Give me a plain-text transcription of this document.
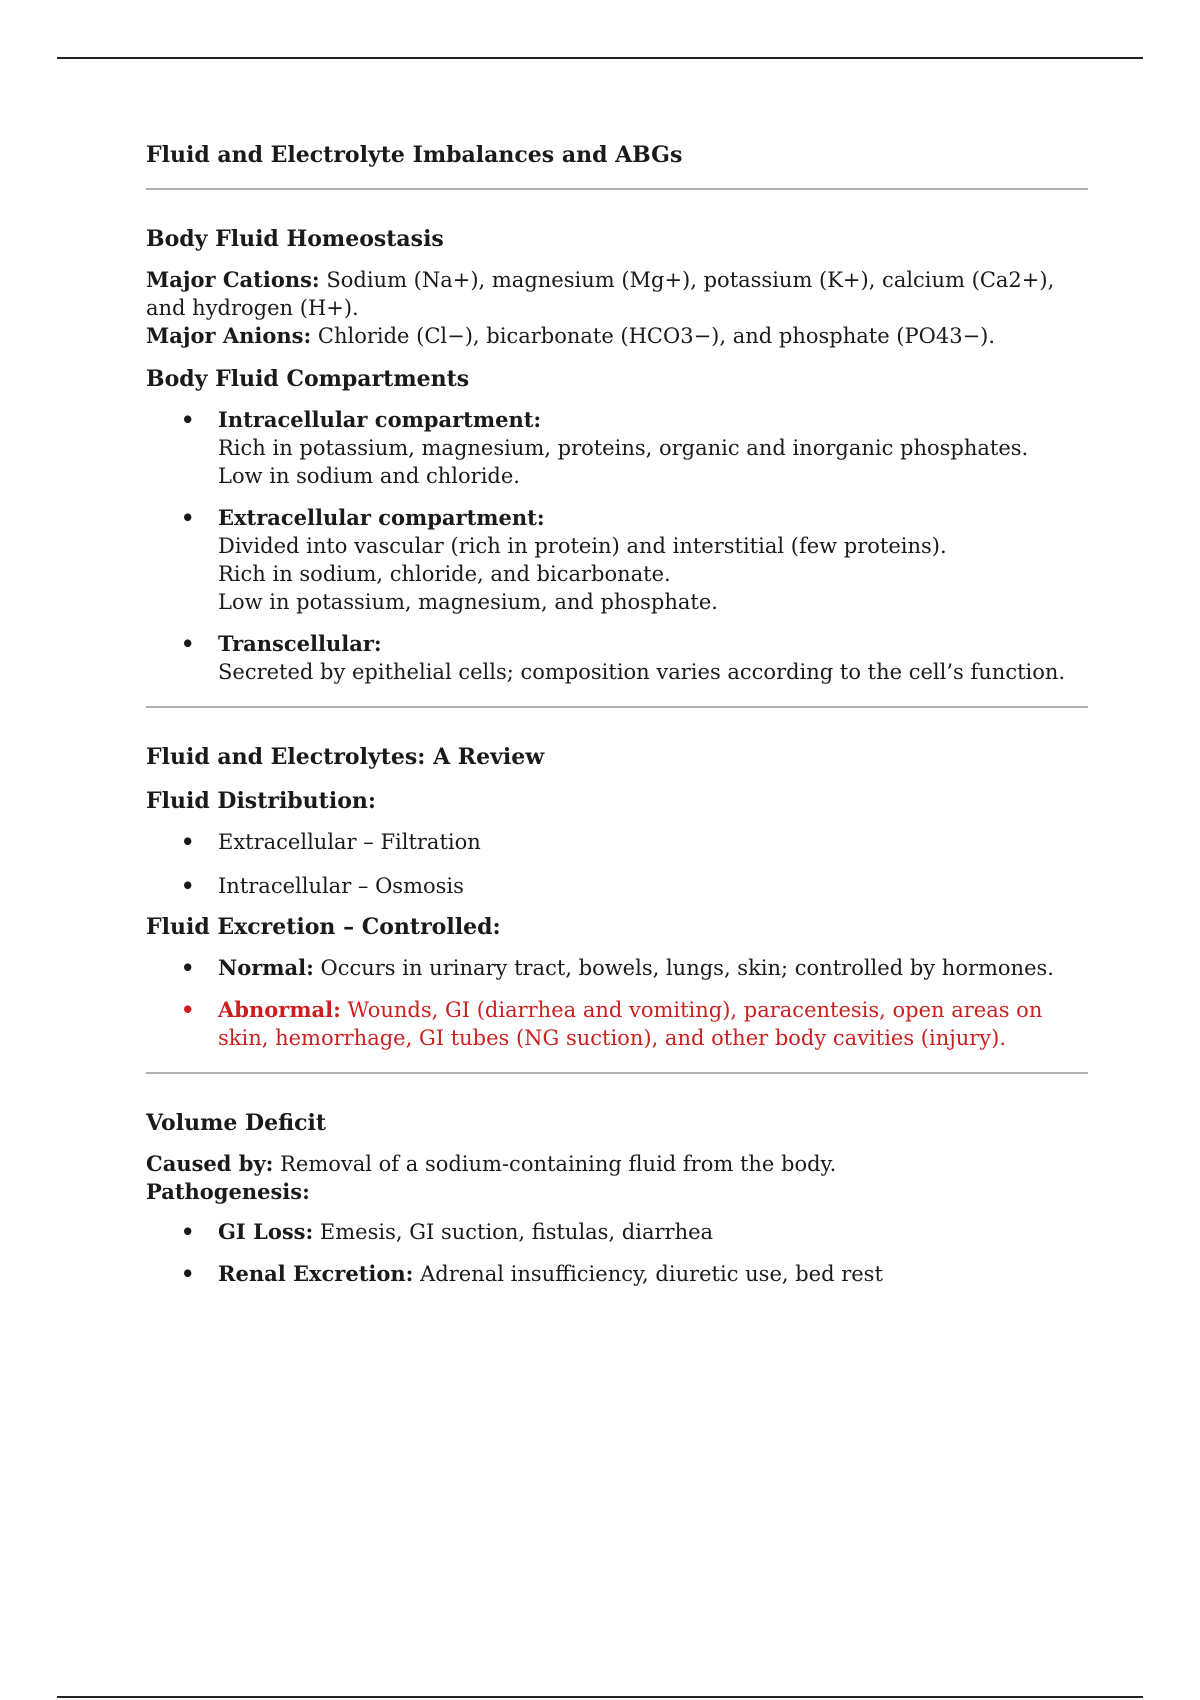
Fluid and Electrolyte Imbalances and ABGs
Body Fluid Homeostasis

Major Cations: Sodium (Na+), magnesium (Mg+), potassium (K+), calcium (Ca2+), and hydrogen (H+).

Major Anions: Chloride (Cl−), bicarbonate (HCO3−), and phosphate (PO43−).

Body Fluid Compartments
• Intracellular compartment:
Rich in potassium, magnesium, proteins, organic and inorganic phosphates.
Low in sodium and chloride.
• Extracellular compartment:
Divided into vascular (rich in protein) and interstitial (few proteins).
Rich in sodium, chloride, and bicarbonate.
Low in potassium, magnesium, and phosphate.
• Transcellular:
Secreted by epithelial cells; composition varies according to the cell’s function.
Fluid and Electrolytes: A Review
Fluid Distribution:
• Extracellular – Filtration
• Intracellular – Osmosis
Fluid Excretion – Controlled:
• Normal: Occurs in urinary tract, bowels, lungs, skin; controlled by hormones.
• Abnormal: Wounds, GI (diarrhea and vomiting), paracentesis, open areas on skin, hemorrhage, GI tubes (NG suction), and other body cavities (injury).
Volume Deficit

Caused by: Removal of a sodium-containing fluid from the body.

Pathogenesis:

• GI Loss: Emesis, GI suction, fistulas, diarrhea
• Renal Excretion: Adrenal insufficiency, diuretic use, bed rest
